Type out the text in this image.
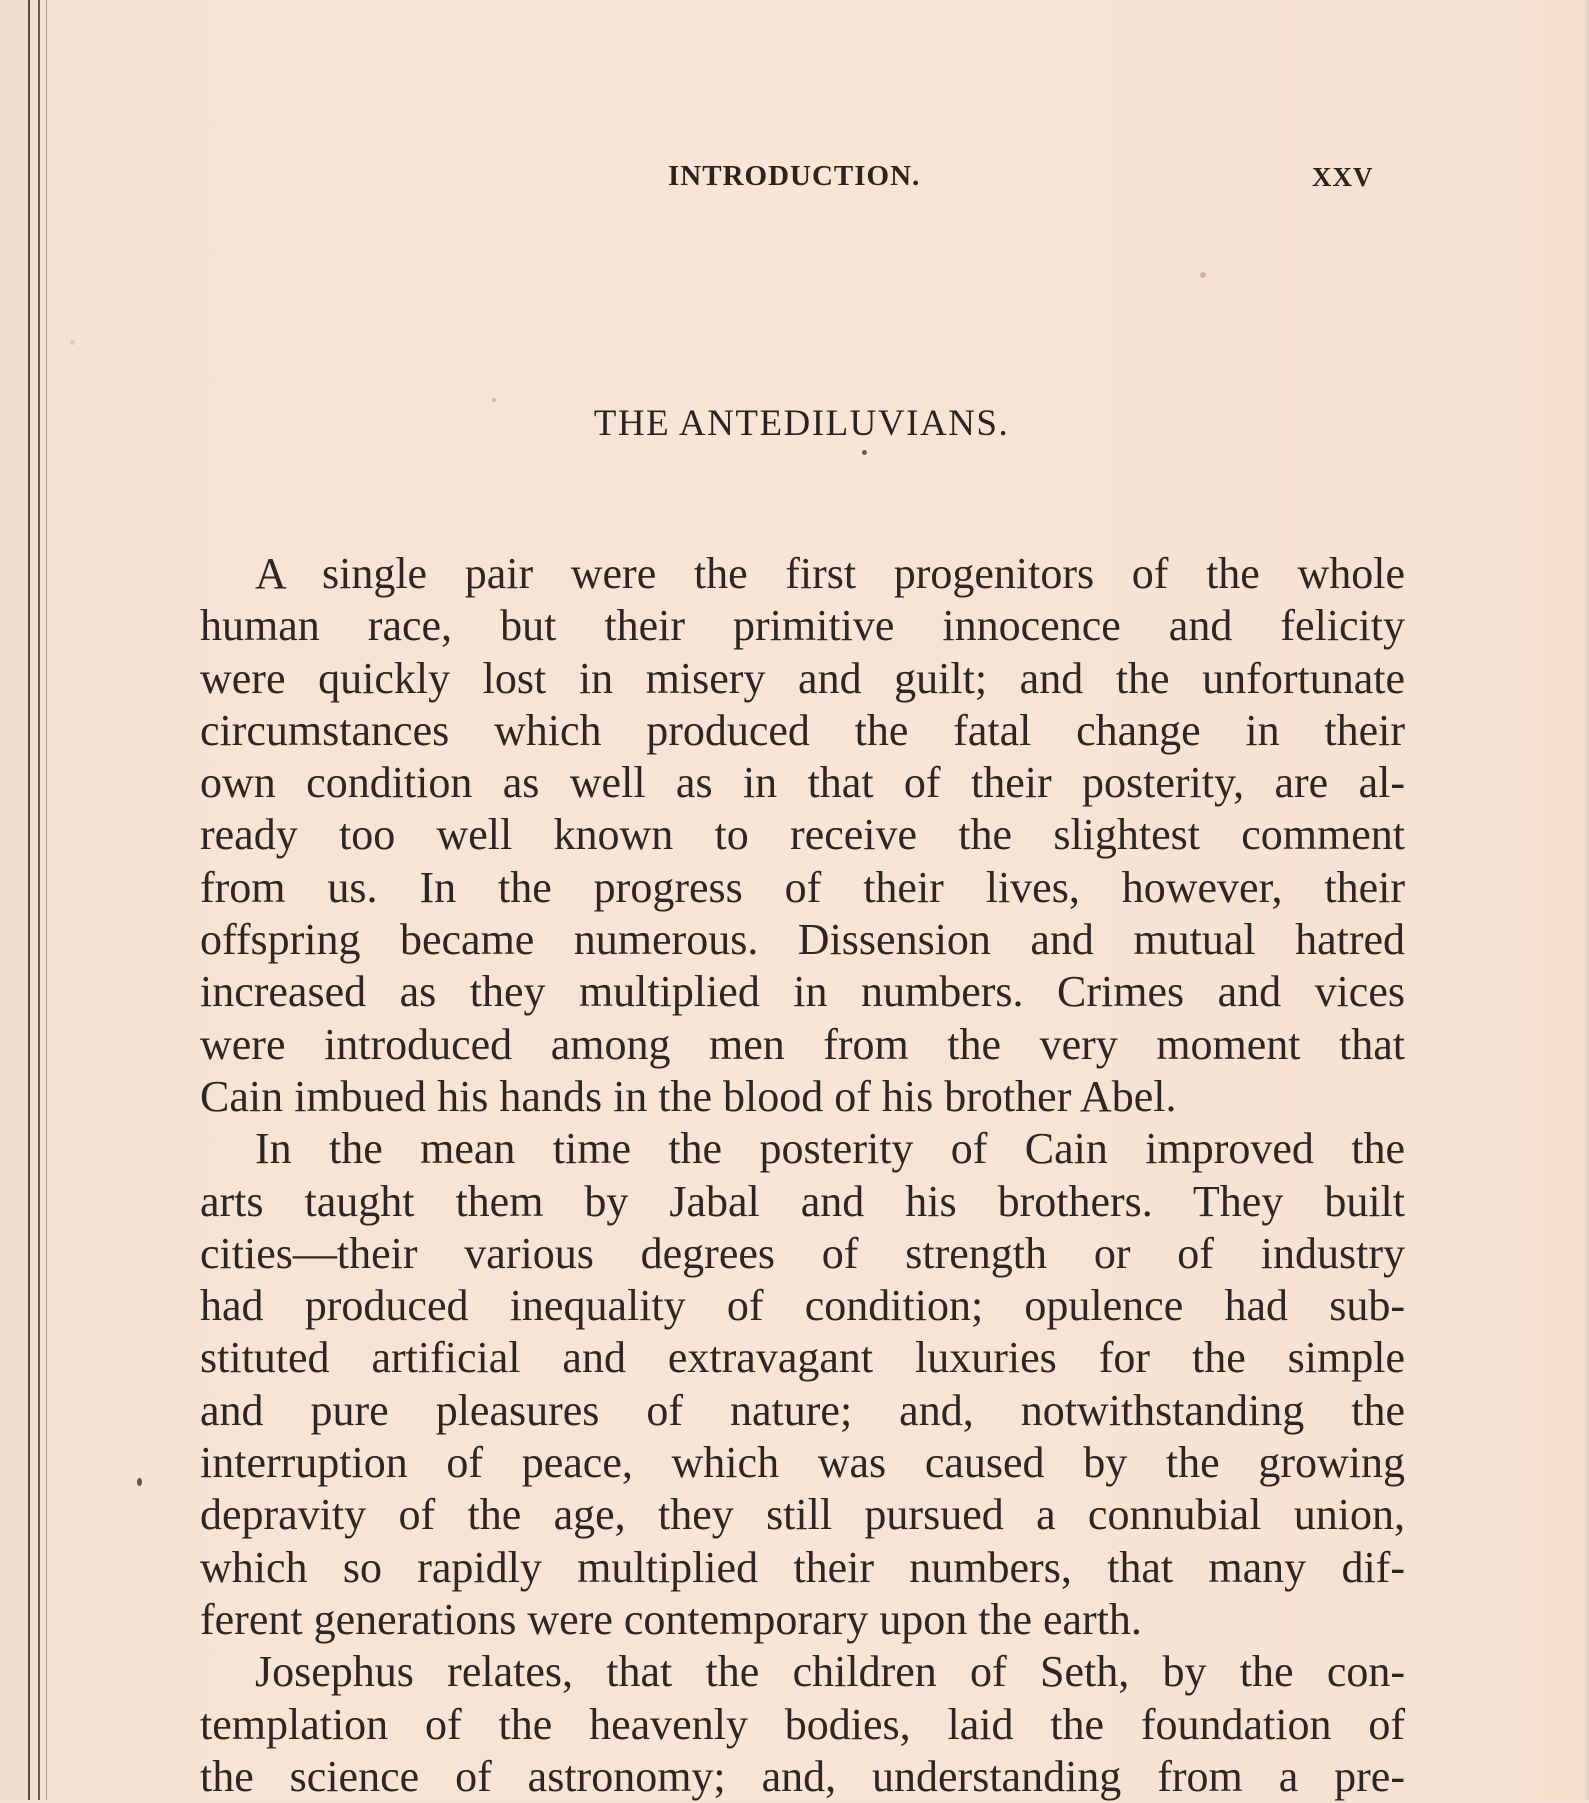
INTRODUCTION.	XXV
THE ANTEDILUVIANS.
A single pair were the first progenitors of the whole
human race, but their primitive innocence and felicity
were quickly lost in misery and guilt; and the unfortunate
circumstances which produced the fatal change in their
own condition as well as in that of their posterity, are al-
ready too well known to receive the slightest comment
from us. In the progress of their lives, however, their
offspring became numerous. Dissension and mutual hatred
increased as they multiplied in numbers. Crimes and vices
were introduced among men from the very moment that
Cain imbued his hands in the blood of his brother Abel.
In the mean time the posterity of Cain improved the
arts taught them by Jabal and his brothers. They built
cities—their various degrees of strength or of industry
had produced inequality of condition; opulence had sub-
stituted artificial and extravagant luxuries for the simple
and pure pleasures of nature; and, notwithstanding the
interruption of peace, which was caused by the growing
depravity of the age, they still pursued a connubial union,
which so rapidly multiplied their numbers, that many dif-
ferent generations were contemporary upon the earth.
Josephus relates, that the children of Seth, by the con-
templation of the heavenly bodies, laid the foundation of
the science of astronomy; and, understanding from a pre-
